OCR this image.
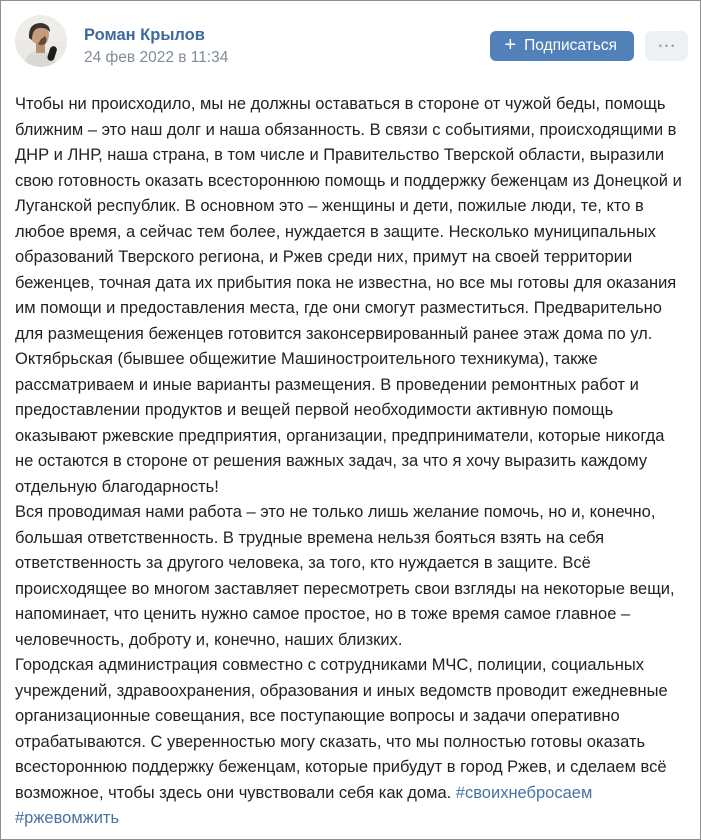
Роман Крылов
24 фев 2022 в 11:34
+ Подписаться	•••

Чтобы ни происходило, мы не должны оставаться в стороне от чужой беды, помощь ближним – это наш долг и наша обязанность. В связи с событиями, происходящими в ДНР и ЛНР, наша страна, в том числе и Правительство Тверской области, выразили свою готовность оказать всестороннюю помощь и поддержку беженцам из Донецкой и Луганской республик. В основном это – женщины и дети, пожилые люди, те, кто в любое время, а сейчас тем более, нуждается в защите. Несколько муниципальных образований Тверского региона, и Ржев среди них, примут на своей территории беженцев, точная дата их прибытия пока не известна, но все мы готовы для оказания им помощи и предоставления места, где они смогут разместиться. Предварительно для размещения беженцев готовится законсервированный ранее этаж дома по ул. Октябрьская (бывшее общежитие Машиностроительного техникума), также рассматриваем и иные варианты размещения. В проведении ремонтных работ и предоставлении продуктов и вещей первой необходимости активную помощь оказывают ржевские предприятия, организации, предприниматели, которые никогда не остаются в стороне от решения важных задач, за что я хочу выразить каждому отдельную благодарность!

Вся проводимая нами работа – это не только лишь желание помочь, но и, конечно, большая ответственность. В трудные времена нельзя бояться взять на себя ответственность за другого человека, за того, кто нуждается в защите. Всё происходящее во многом заставляет пересмотреть свои взгляды на некоторые вещи, напоминает, что ценить нужно самое простое, но в тоже время самое главное – человечность, доброту и, конечно, наших близких.

Городская администрация совместно с сотрудниками МЧС, полиции, социальных учреждений, здравоохранения, образования и иных ведомств проводит ежедневные организационные совещания, все поступающие вопросы и задачи оперативно отрабатываются. С уверенностью могу сказать, что мы полностью готовы оказать всестороннюю поддержку беженцам, которые прибудут в город Ржев, и сделаем всё возможное, чтобы здесь они чувствовали себя как дома. #своихнебросаем #ржевомжить
